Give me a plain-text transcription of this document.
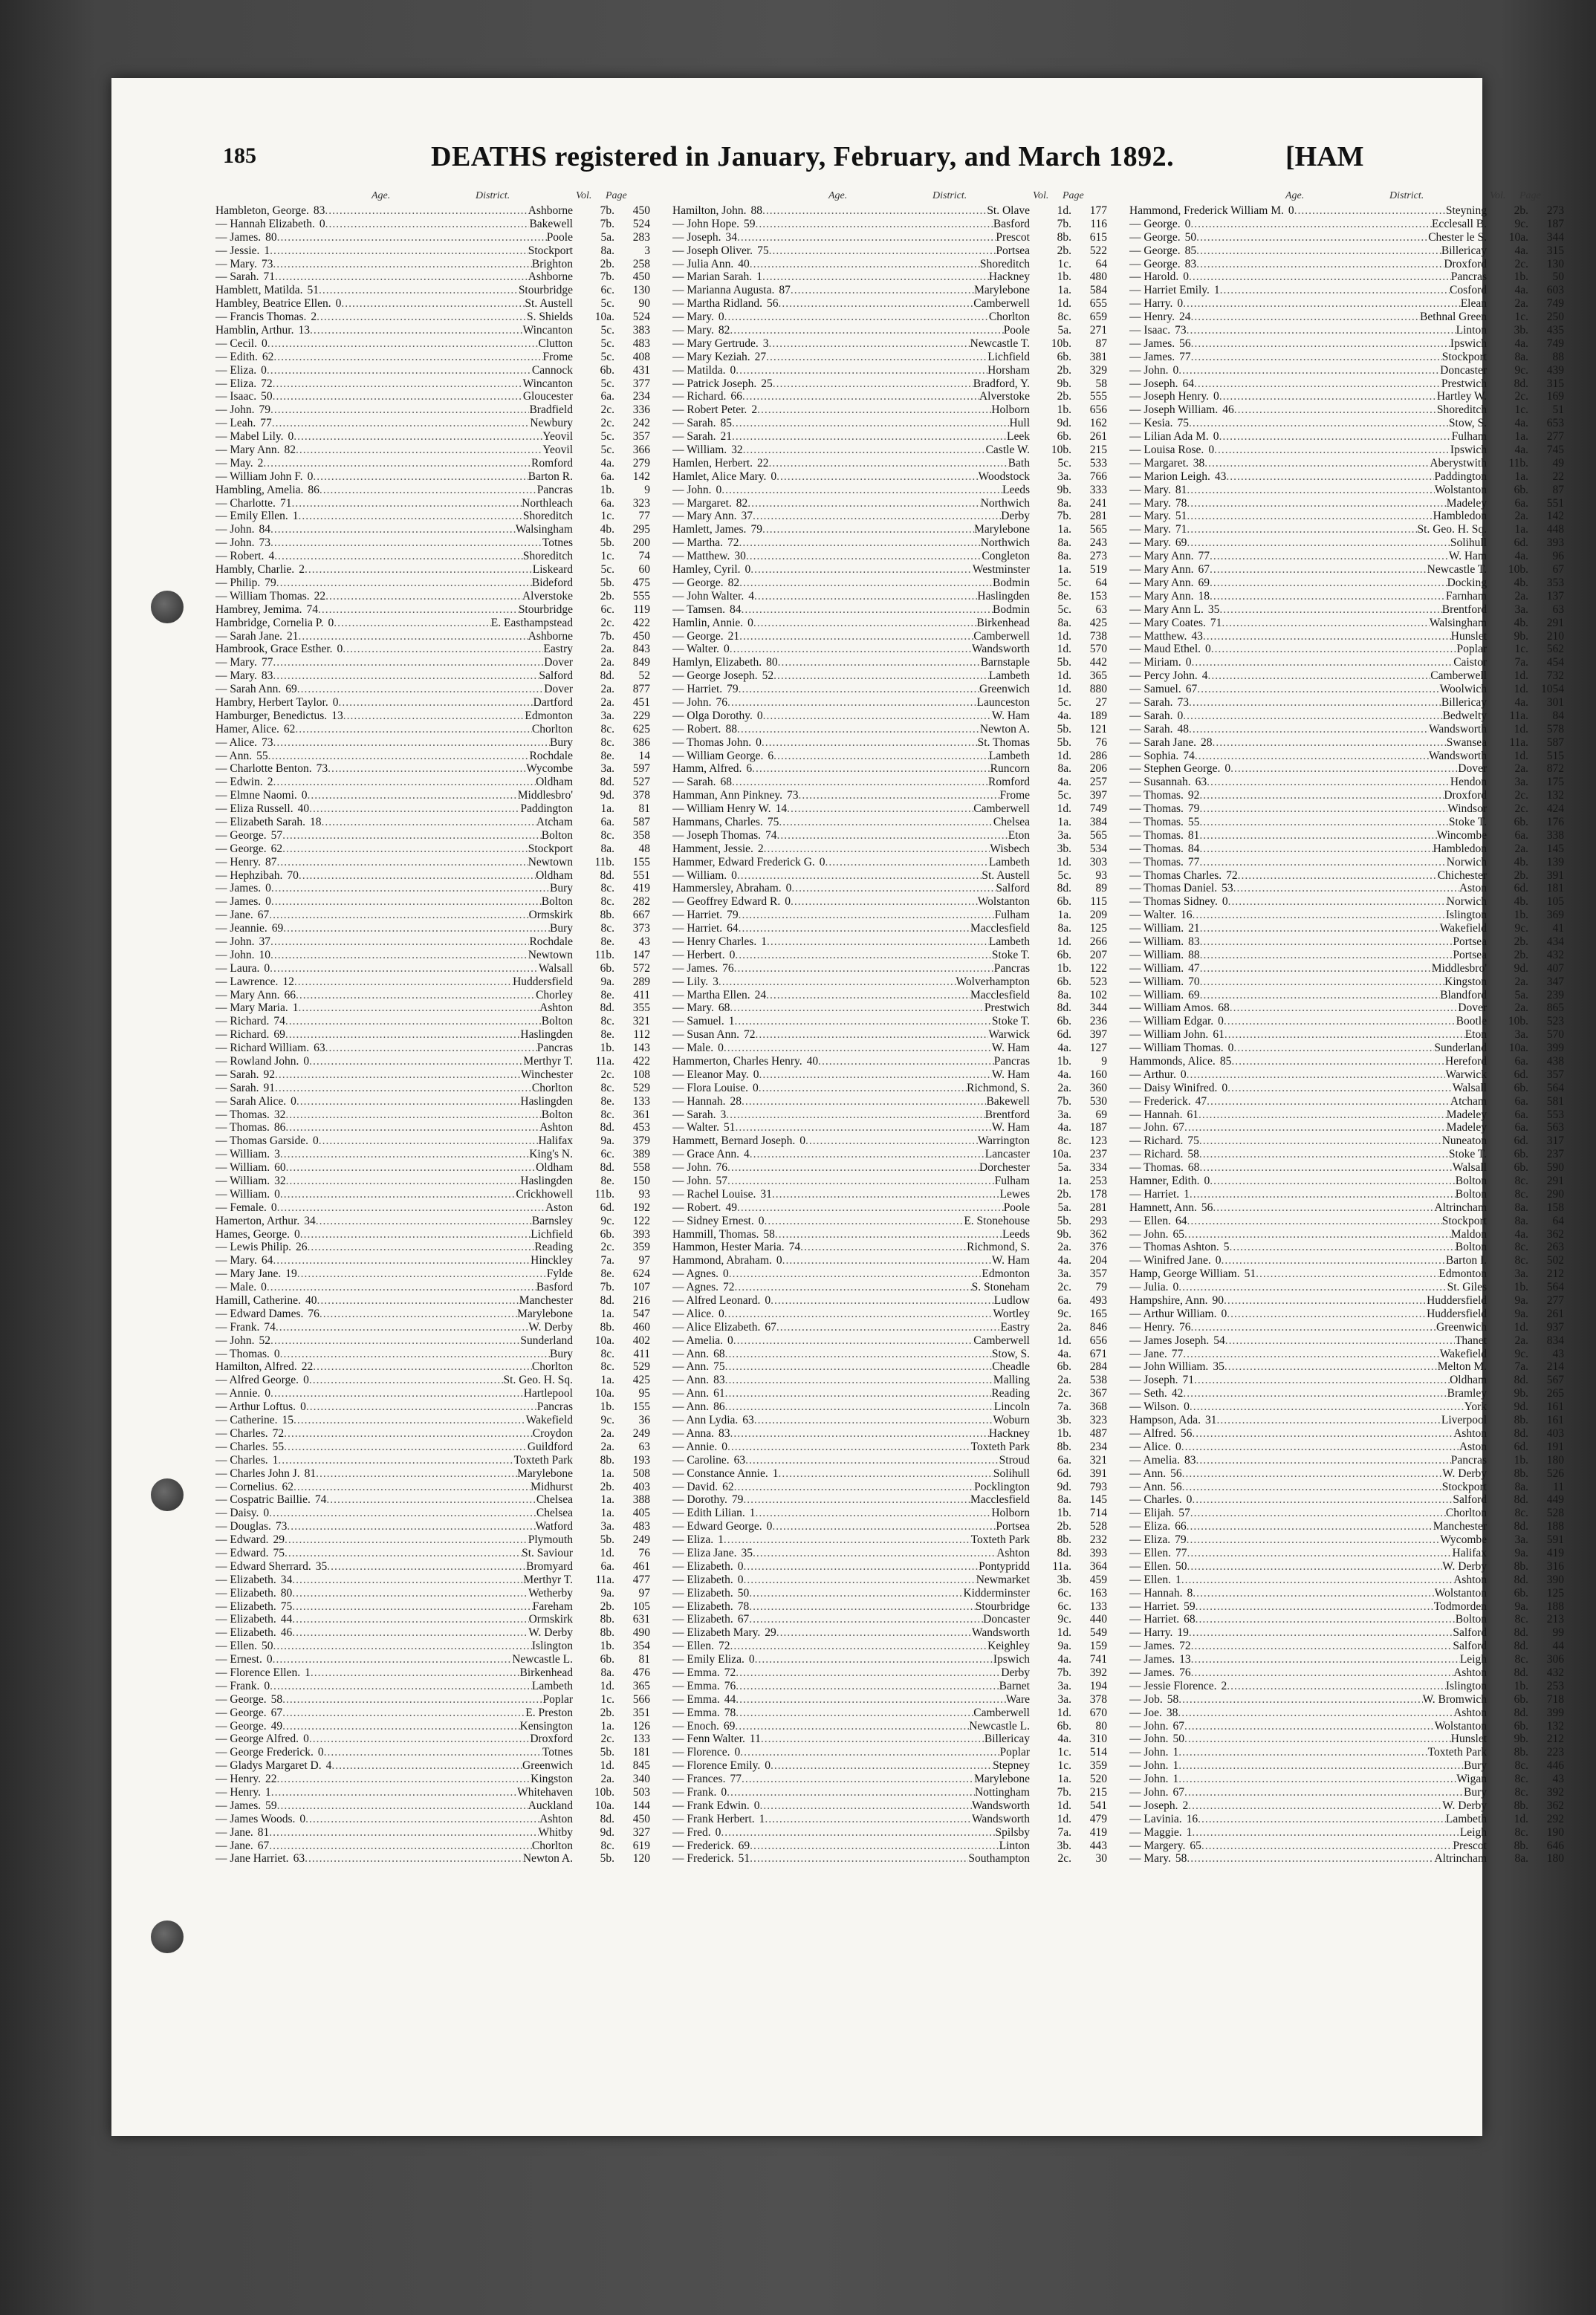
185	DEATHS registered in January, February, and March 1892.	[HAM
Age.	District.	Vol.	Page
Hambleton, George. 83 .....	Ashborne	7b.	450
— Hannah Elizabeth. 0 .....	Bakewell	7b.	524
— James. 80 .....	Poole	5a.	283
— Jessie. 1 .....	Stockport	8a.	3
— Mary. 73 .....	Brighton	2b.	258
— Sarah. 71 .....	Ashborne	7b.	450
Hamblett, Matilda. 51 .....	Stourbridge	6c.	130
Hambley, Beatrice Ellen. 0 .....	St. Austell	5c.	90
— Francis Thomas. 2 .....	S. Shields	10a.	524
Hamblin, Arthur. 13 .....	Wincanton	5c.	383
— Cecil. 0 .....	Clutton	5c.	483
— Edith. 62 .....	Frome	5c.	408
— Eliza. 0 .....	Cannock	6b.	431
— Eliza. 72 .....	Wincanton	5c.	377
— Isaac. 50 .....	Gloucester	6a.	234
— John. 79 .....	Bradfield	2c.	336
— Leah. 77 .....	Newbury	2c.	242
— Mabel Lily. 0 .....	Yeovil	5c.	357
— Mary Ann. 82 .....	Yeovil	5c.	366
— May. 2 .....	Romford	4a.	279
— William John F. 0 .....	Barton R.	6a.	142
Hambling, Amelia. 86 .....	Pancras	1b.	9
— Charlotte. 71 .....	Northleach	6a.	323
— Emily Ellen. 1 .....	Shoreditch	1c.	77
— John. 84 .....	Walsingham	4b.	295
— John. 73 .....	Totnes	5b.	200
— Robert. 4 .....	Shoreditch	1c.	74
Hambly, Charlie. 2 .....	Liskeard	5c.	60
— Philip. 79 .....	Bideford	5b.	475
— William Thomas. 22 .....	Alverstoke	2b.	555
Hambrey, Jemima. 74 .....	Stourbridge	6c.	119
Hambridge, Cornelia P. 0 .....	E. Easthampstead	2c.	422
— Sarah Jane. 21 .....	Ashborne	7b.	450
Hambrook, Grace Esther. 0 .....	Eastry	2a.	843
— Mary. 77 .....	Dover	2a.	849
— Mary. 83 .....	Salford	8d.	52
— Sarah Ann. 69 .....	Dover	2a.	877
Hambry, Herbert Taylor. 0 .....	Dartford	2a.	451
Hamburger, Benedictus. 13 .....	Edmonton	3a.	229
Hamer, Alice. 62 .....	Chorlton	8c.	625
— Alice. 73 .....	Bury	8c.	386
— Ann. 55 .....	Rochdale	8e.	14
— Charlotte Benton. 73 .....	Wycombe	3a.	597
— Edwin. 2 .....	Oldham	8d.	527
— Elmne Naomi. 0 .....	Middlesbro'	9d.	378
— Eliza Russell. 40 .....	Paddington	1a.	81
— Elizabeth Sarah. 18 .....	Atcham	6a.	587
— George. 57 .....	Bolton	8c.	358
— George. 62 .....	Stockport	8a.	48
— Henry. 87 .....	Newtown	11b.	155
— Hephzibah. 70 .....	Oldham	8d.	551
— James. 0 .....	Bury	8c.	419
— James. 0 .....	Bolton	8c.	282
— Jane. 67 .....	Ormskirk	8b.	667
— Jeannie. 69 .....	Bury	8c.	373
— John. 37 .....	Rochdale	8e.	43
— John. 10 .....	Newtown	11b.	147
— Laura. 0 .....	Walsall	6b.	572
— Lawrence. 12 .....	Huddersfield	9a.	289
— Mary Ann. 66 .....	Chorley	8e.	411
— Mary Maria. 1 .....	Ashton	8d.	355
— Richard. 74 .....	Bolton	8c.	321
— Richard. 69 .....	Haslingden	8e.	112
— Richard William. 63 .....	Pancras	1b.	143
— Rowland John. 0 .....	Merthyr T.	11a.	422
— Sarah. 92 .....	Winchester	2c.	108
— Sarah. 91 .....	Chorlton	8c.	529
— Sarah Alice. 0 .....	Haslingden	8e.	133
— Thomas. 32 .....	Bolton	8c.	361
— Thomas. 86 .....	Ashton	8d.	453
— Thomas Garside. 0 .....	Halifax	9a.	379
— William. 3 .....	King's N.	6c.	389
— William. 60 .....	Oldham	8d.	558
— William. 32 .....	Haslingden	8e.	150
— William. 0 .....	Crickhowell	11b.	93
— Female. 0 .....	Aston	6d.	192
Hamerton, Arthur. 34 .....	Barnsley	9c.	122
Hames, George. 0 .....	Lichfield	6b.	393
— Lewis Philip. 26 .....	Reading	2c.	359
— Mary. 64 .....	Hinckley	7a.	97
— Mary Jane. 19 .....	Fylde	8e.	624
— Male. 0 .....	Basford	7b.	107
Hamill, Catherine. 40 .....	Manchester	8d.	216
— Edward Dames. 76 .....	Marylebone	1a.	547
— Frank. 74 .....	W. Derby	8b.	460
— John. 52 .....	Sunderland	10a.	402
— Thomas. 0 .....	Bury	8c.	411
Hamilton, Alfred. 22 .....	Chorlton	8c.	529
— Alfred George. 0 .....	St. Geo. H. Sq.	1a.	425
— Annie. 0 .....	Hartlepool	10a.	95
— Arthur Loftus. 0 .....	Pancras	1b.	155
— Catherine. 15 .....	Wakefield	9c.	36
— Charles. 72 .....	Croydon	2a.	249
— Charles. 55 .....	Guildford	2a.	63
— Charles. 1 .....	Toxteth Park	8b.	193
— Charles John J. 81 .....	Marylebone	1a.	508
— Cornelius. 62 .....	Midhurst	2b.	403
— Cospatric Baillie. 74 .....	Chelsea	1a.	388
— Daisy. 0 .....	Chelsea	1a.	405
— Douglas. 73 .....	Watford	3a.	483
— Edward. 29 .....	Plymouth	5b.	249
— Edward. 75 .....	St. Saviour	1d.	76
— Edward Sherrard. 35 .....	Bromyard	6a.	461
— Elizabeth. 34 .....	Merthyr T.	11a.	477
— Elizabeth. 80 .....	Wetherby	9a.	97
— Elizabeth. 75 .....	Fareham	2b.	105
— Elizabeth. 44 .....	Ormskirk	8b.	631
— Elizabeth. 46 .....	W. Derby	8b.	490
— Ellen. 50 .....	Islington	1b.	354
— Ernest. 0 .....	Newcastle L.	6b.	81
— Florence Ellen. 1 .....	Birkenhead	8a.	476
— Frank. 0 .....	Lambeth	1d.	365
— George. 58 .....	Poplar	1c.	566
— George. 67 .....	E. Preston	2b.	351
— George. 49 .....	Kensington	1a.	126
— George Alfred. 0 .....	Droxford	2c.	133
— George Frederick. 0 .....	Totnes	5b.	181
— Gladys Margaret D. 4 .....	Greenwich	1d.	845
— Henry. 22 .....	Kingston	2a.	340
— Henry. 1 .....	Whitehaven	10b.	503
— James. 59 .....	Auckland	10a.	144
— James Woods. 0 .....	Ashton	8d.	450
— Jane. 81 .....	Whitby	9d.	327
— Jane. 67 .....	Chorlton	8c.	619
— Jane Harriet. 63 .....	Newton A.	5b.	120
Age.	District.	Vol.	Page
Hamilton, John. 88 .....	St. Olave	1d.	177
— John Hope. 59 .....	Basford	7b.	116
— Joseph. 34 .....	Prescot	8b.	615
— Joseph Oliver. 75 .....	Portsea	2b.	522
— Julia Ann. 40 .....	Shoreditch	1c.	64
— Marian Sarah. 1 .....	Hackney	1b.	480
— Marianna Augusta. 87 .....	Marylebone	1a.	584
— Martha Ridland. 56 .....	Camberwell	1d.	655
— Mary. 0 .....	Chorlton	8c.	659
— Mary. 82 .....	Poole	5a.	271
— Mary Gertrude. 3 .....	Newcastle T.	10b.	87
— Mary Keziah. 27 .....	Lichfield	6b.	381
— Matilda. 0 .....	Horsham	2b.	329
— Patrick Joseph. 25 .....	Bradford, Y.	9b.	58
— Richard. 66 .....	Alverstoke	2b.	555
— Robert Peter. 2 .....	Holborn	1b.	656
— Sarah. 85 .....	Hull	9d.	162
— Sarah. 21 .....	Leek	6b.	261
— William. 32 .....	Castle W.	10b.	215
Hamlen, Herbert. 22 .....	Bath	5c.	533
Hamlet, Alice Mary. 0 .....	Woodstock	3a.	766
— John. 0 .....	Leeds	9b.	333
— Margaret. 82 .....	Northwich	8a.	241
— Mary Ann. 37 .....	Derby	7b.	281
Hamlett, James. 79 .....	Marylebone	1a.	565
— Martha. 72 .....	Northwich	8a.	243
— Matthew. 30 .....	Congleton	8a.	273
Hamley, Cyril. 0 .....	Westminster	1a.	519
— George. 82 .....	Bodmin	5c.	64
— John Walter. 4 .....	Haslingden	8e.	153
— Tamsen. 84 .....	Bodmin	5c.	63
Hamlin, Annie. 0 .....	Birkenhead	8a.	425
— George. 21 .....	Camberwell	1d.	738
— Walter. 0 .....	Wandsworth	1d.	570
Hamlyn, Elizabeth. 80 .....	Barnstaple	5b.	442
— George Joseph. 52 .....	Lambeth	1d.	365
— Harriet. 79 .....	Greenwich	1d.	880
— John. 76 .....	Launceston	5c.	27
— Olga Dorothy. 0 .....	W. Ham	4a.	189
— Robert. 88 .....	Newton A.	5b.	121
— Thomas John. 0 .....	St. Thomas	5b.	76
— William George. 6 .....	Lambeth	1d.	286
Hamm, Alfred. 6 .....	Runcorn	8a.	206
— Sarah. 68 .....	Romford	4a.	257
Hamman, Ann Pinkney. 73 .....	Frome	5c.	397
— William Henry W. 14 .....	Camberwell	1d.	749
Hammans, Charles. 75 .....	Chelsea	1a.	384
— Joseph Thomas. 74 .....	Eton	3a.	565
Hamment, Jessie. 2 .....	Wisbech	3b.	534
Hammer, Edward Frederick G. 0 .....	Lambeth	1d.	303
— William. 0 .....	St. Austell	5c.	93
Hammersley, Abraham. 0 .....	Salford	8d.	89
— Geoffrey Edward R. 0 .....	Wolstanton	6b.	115
— Harriet. 79 .....	Fulham	1a.	209
— Harriet. 64 .....	Macclesfield	8a.	125
— Henry Charles. 1 .....	Lambeth	1d.	266
— Herbert. 0 .....	Stoke T.	6b.	207
— James. 76 .....	Pancras	1b.	122
— Lily. 3 .....	Wolverhampton	6b.	523
— Martha Ellen. 24 .....	Macclesfield	8a.	102
— Mary. 68 .....	Prestwich	8d.	344
— Samuel. 1 .....	Stoke T.	6b.	236
— Susan Ann. 72 .....	Warwick	6d.	397
— Male. 0 .....	W. Ham	4a.	127
Hammerton, Charles Henry. 40 .....	Pancras	1b.	9
— Eleanor May. 0 .....	W. Ham	4a.	160
— Flora Louise. 0 .....	Richmond, S.	2a.	360
— Hannah. 28 .....	Bakewell	7b.	530
— Sarah. 3 .....	Brentford	3a.	69
— Walter. 51 .....	W. Ham	4a.	187
Hammett, Bernard Joseph. 0 .....	Warrington	8c.	123
— Grace Ann. 4 .....	Lancaster	10a.	237
— John. 76 .....	Dorchester	5a.	334
— John. 57 .....	Fulham	1a.	253
— Rachel Louise. 31 .....	Lewes	2b.	178
— Robert. 49 .....	Poole	5a.	281
— Sidney Ernest. 0 .....	E. Stonehouse	5b.	293
Hammill, Thomas. 58 .....	Leeds	9b.	362
Hammon, Hester Maria. 74 .....	Richmond, S.	2a.	376
Hammond, Abraham. 0 .....	W. Ham	4a.	204
— Agnes. 0 .....	Edmonton	3a.	357
— Agnes. 72 .....	S. Stoneham	2c.	79
— Alfred Leonard. 0 .....	Ludlow	6a.	493
— Alice. 0 .....	Wortley	9c.	165
— Alice Elizabeth. 67 .....	Eastry	2a.	846
— Amelia. 0 .....	Camberwell	1d.	656
— Ann. 68 .....	Stow, S.	4a.	671
— Ann. 75 .....	Cheadle	6b.	284
— Ann. 83 .....	Malling	2a.	538
— Ann. 61 .....	Reading	2c.	367
— Ann. 86 .....	Lincoln	7a.	368
— Ann Lydia. 63 .....	Woburn	3b.	323
— Anna. 83 .....	Hackney	1b.	487
— Annie. 0 .....	Toxteth Park	8b.	234
— Caroline. 63 .....	Stroud	6a.	321
— Constance Annie. 1 .....	Solihull	6d.	391
— David. 62 .....	Pocklington	9d.	793
— Dorothy. 79 .....	Macclesfield	8a.	145
— Edith Lilian. 1 .....	Holborn	1b.	714
— Edward George. 0 .....	Portsea	2b.	528
— Eliza. 1 .....	Toxteth Park	8b.	232
— Eliza Jane. 35 .....	Ashton	8d.	393
— Elizabeth. 0 .....	Pontypridd	11a.	364
— Elizabeth. 0 .....	Newmarket	3b.	459
— Elizabeth. 50 .....	Kidderminster	6c.	163
— Elizabeth. 78 .....	Stourbridge	6c.	133
— Elizabeth. 67 .....	Doncaster	9c.	440
— Elizabeth Mary. 29 .....	Wandsworth	1d.	549
— Ellen. 72 .....	Keighley	9a.	159
— Emily Eliza. 0 .....	Ipswich	4a.	741
— Emma. 72 .....	Derby	7b.	392
— Emma. 76 .....	Barnet	3a.	194
— Emma. 44 .....	Ware	3a.	378
— Emma. 78 .....	Camberwell	1d.	670
— Enoch. 69 .....	Newcastle L.	6b.	80
— Fenn Walter. 11 .....	Billericay	4a.	310
— Florence. 0 .....	Poplar	1c.	514
— Florence Emily. 0 .....	Stepney	1c.	359
— Frances. 77 .....	Marylebone	1a.	520
— Frank. 0 .....	Nottingham	7b.	215
— Frank Edwin. 0 .....	Wandsworth	1d.	541
— Frank Herbert. 1 .....	Wandsworth	1d.	479
— Fred. 0 .....	Spilsby	7a.	419
— Frederick. 69 .....	Linton	3b.	443
— Frederick. 51 .....	Southampton	2c.	30
Age.	District.	Vol.	Page
Hammond, Frederick William M. 0 .....	Steyning	2b.	273
— George. 0 .....	Ecclesall B.	9c.	187
— George. 50 .....	Chester le S.	10a.	344
— George. 85 .....	Billericay	4a.	315
— George. 83 .....	Droxford	2c.	130
— Harold. 0 .....	Pancras	1b.	50
— Harriet Emily. 1 .....	Cosford	4a.	603
— Harry. 0 .....	Elean	2a.	749
— Henry. 24 .....	Bethnal Green	1c.	250
— Isaac. 73 .....	Linton	3b.	435
— James. 56 .....	Ipswich	4a.	749
— James. 77 .....	Stockport	8a.	88
— John. 0 .....	Doncaster	9c.	439
— Joseph. 64 .....	Prestwich	8d.	315
— Joseph Henry. 0 .....	Hartley W.	2c.	169
— Joseph William. 46 .....	Shoreditch	1c.	51
— Kesia. 75 .....	Stow, S.	4a.	653
— Lilian Ada M. 0 .....	Fulham	1a.	277
— Louisa Rose. 0 .....	Ipswich	4a.	745
— Margaret. 38 .....	Aberystwith	11b.	49
— Marion Leigh. 43 .....	Paddington	1a.	22
— Mary. 81 .....	Wolstanton	6b.	87
— Mary. 78 .....	Madeley	6a.	551
— Mary. 51 .....	Hambledon	2a.	142
— Mary. 71 .....	St. Geo. H. Sq.	1a.	448
— Mary. 69 .....	Solihull	6d.	393
— Mary Ann. 77 .....	W. Ham	4a.	96
— Mary Ann. 67 .....	Newcastle T.	10b.	67
— Mary Ann. 69 .....	Docking	4b.	353
— Mary Ann. 18 .....	Farnham	2a.	137
— Mary Ann L. 35 .....	Brentford	3a.	63
— Mary Coates. 71 .....	Walsingham	4b.	291
— Matthew. 43 .....	Hunslet	9b.	210
— Maud Ethel. 0 .....	Poplar	1c.	562
— Miriam. 0 .....	Caistor	7a.	454
— Percy John. 4 .....	Camberwell	1d.	732
— Samuel. 67 .....	Woolwich	1d.	1054
— Sarah. 73 .....	Billericay	4a.	301
— Sarah. 0 .....	Bedwelty	11a.	84
— Sarah. 48 .....	Wandsworth	1d.	578
— Sarah Jane. 28 .....	Swansea	11a.	587
— Sophia. 74 .....	Wandsworth	1d.	515
— Stephen George. 0 .....	Dover	2a.	872
— Susannah. 63 .....	Hendon	3a.	175
— Thomas. 92 .....	Droxford	2c.	132
— Thomas. 79 .....	Windsor	2c.	424
— Thomas. 55 .....	Stoke T.	6b.	176
— Thomas. 81 .....	Wincombe	6a.	338
— Thomas. 84 .....	Hambledon	2a.	145
— Thomas. 77 .....	Norwich	4b.	139
— Thomas Charles. 72 .....	Chichester	2b.	391
— Thomas Daniel. 53 .....	Aston	6d.	181
— Thomas Sidney. 0 .....	Norwich	4b.	105
— Walter. 16 .....	Islington	1b.	369
— William. 21 .....	Wakefield	9c.	41
— William. 83 .....	Portsea	2b.	434
— William. 88 .....	Portsea	2b.	432
— William. 47 .....	Middlesbro'	9d.	407
— William. 70 .....	Kingston	2a.	347
— William. 69 .....	Blandford	5a.	239
— William Amos. 68 .....	Dover	2a.	865
— William Edgar. 0 .....	Bootle	10b.	523
— William John. 61 .....	Eton	3a.	570
— William Thomas. 0 .....	Sunderland	10a.	399
Hammonds, Alice. 85 .....	Hereford	6a.	438
— Arthur. 0 .....	Warwick	6d.	357
— Daisy Winifred. 0 .....	Walsall	6b.	564
— Frederick. 47 .....	Atcham	6a.	581
— Hannah. 61 .....	Madeley	6a.	553
— John. 67 .....	Madeley	6a.	563
— Richard. 75 .....	Nuneaton	6d.	317
— Richard. 58 .....	Stoke T.	6b.	237
— Thomas. 68 .....	Walsall	6b.	590
Hamner, Edith. 0 .....	Bolton	8c.	291
— Harriet. 1 .....	Bolton	8c.	290
Hamnett, Ann. 56 .....	Altrincham	8a.	158
— Ellen. 64 .....	Stockport	8a.	64
— John. 65 .....	Maldon	4a.	362
— Thomas Ashton. 5 .....	Bolton	8c.	263
— Winifred Jane. 0 .....	Barton I.	8c.	502
Hamp, George William. 51 .....	Edmonton	3a.	212
— Julia. 0 .....	St. Giles	1b.	564
Hampshire, Ann. 90 .....	Huddersfield	9a.	277
— Arthur William. 0 .....	Huddersfield	9a.	261
— Henry. 76 .....	Greenwich	1d.	937
— James Joseph. 54 .....	Thanet	2a.	834
— Jane. 77 .....	Wakefield	9c.	43
— John William. 35 .....	Melton M.	7a.	214
— Joseph. 71 .....	Oldham	8d.	567
— Seth. 42 .....	Bramley	9b.	265
— Wilson. 0 .....	York	9d.	161
Hampson, Ada. 31 .....	Liverpool	8b.	161
— Alfred. 56 .....	Ashton	8d.	403
— Alice. 0 .....	Aston	6d.	191
— Amelia. 83 .....	Pancras	1b.	180
— Ann. 56 .....	W. Derby	8b.	526
— Ann. 56 .....	Stockport	8a.	11
— Charles. 0 .....	Salford	8d.	449
— Elijah. 57 .....	Chorlton	8c.	528
— Eliza. 66 .....	Manchester	8d.	188
— Eliza. 79 .....	Wycombe	3a.	591
— Ellen. 77 .....	Halifax	9a.	419
— Ellen. 50 .....	W. Derby	8b.	316
— Ellen. 1 .....	Ashton	8d.	390
— Hannah. 8 .....	Wolstanton	6b.	125
— Harriet. 59 .....	Todmorden	9a.	188
— Harriet. 68 .....	Bolton	8c.	213
— Harry. 19 .....	Salford	8d.	99
— James. 72 .....	Salford	8d.	44
— James. 13 .....	Leigh	8c.	306
— James. 76 .....	Ashton	8d.	432
— Jessie Florence. 2 .....	Islington	1b.	253
— Job. 58 .....	W. Bromwich	6b.	718
— Joe. 38 .....	Ashton	8d.	399
— John. 67 .....	Wolstanton	6b.	132
— John. 50 .....	Hunslet	9b.	212
— John. 1 .....	Toxteth Park	8b.	223
— John. 1 .....	Bury	8c.	446
— John. 1 .....	Wigan	8c.	43
— John. 67 .....	Bury	8c.	392
— Joseph. 2 .....	W. Derby	8b.	362
— Lavinia. 16 .....	Lambeth	1d.	292
— Maggie. 1 .....	Leigh	8c.	190
— Margery. 65 .....	Prescot	8b.	646
— Mary. 58 .....	Altrincham	8a.	180
